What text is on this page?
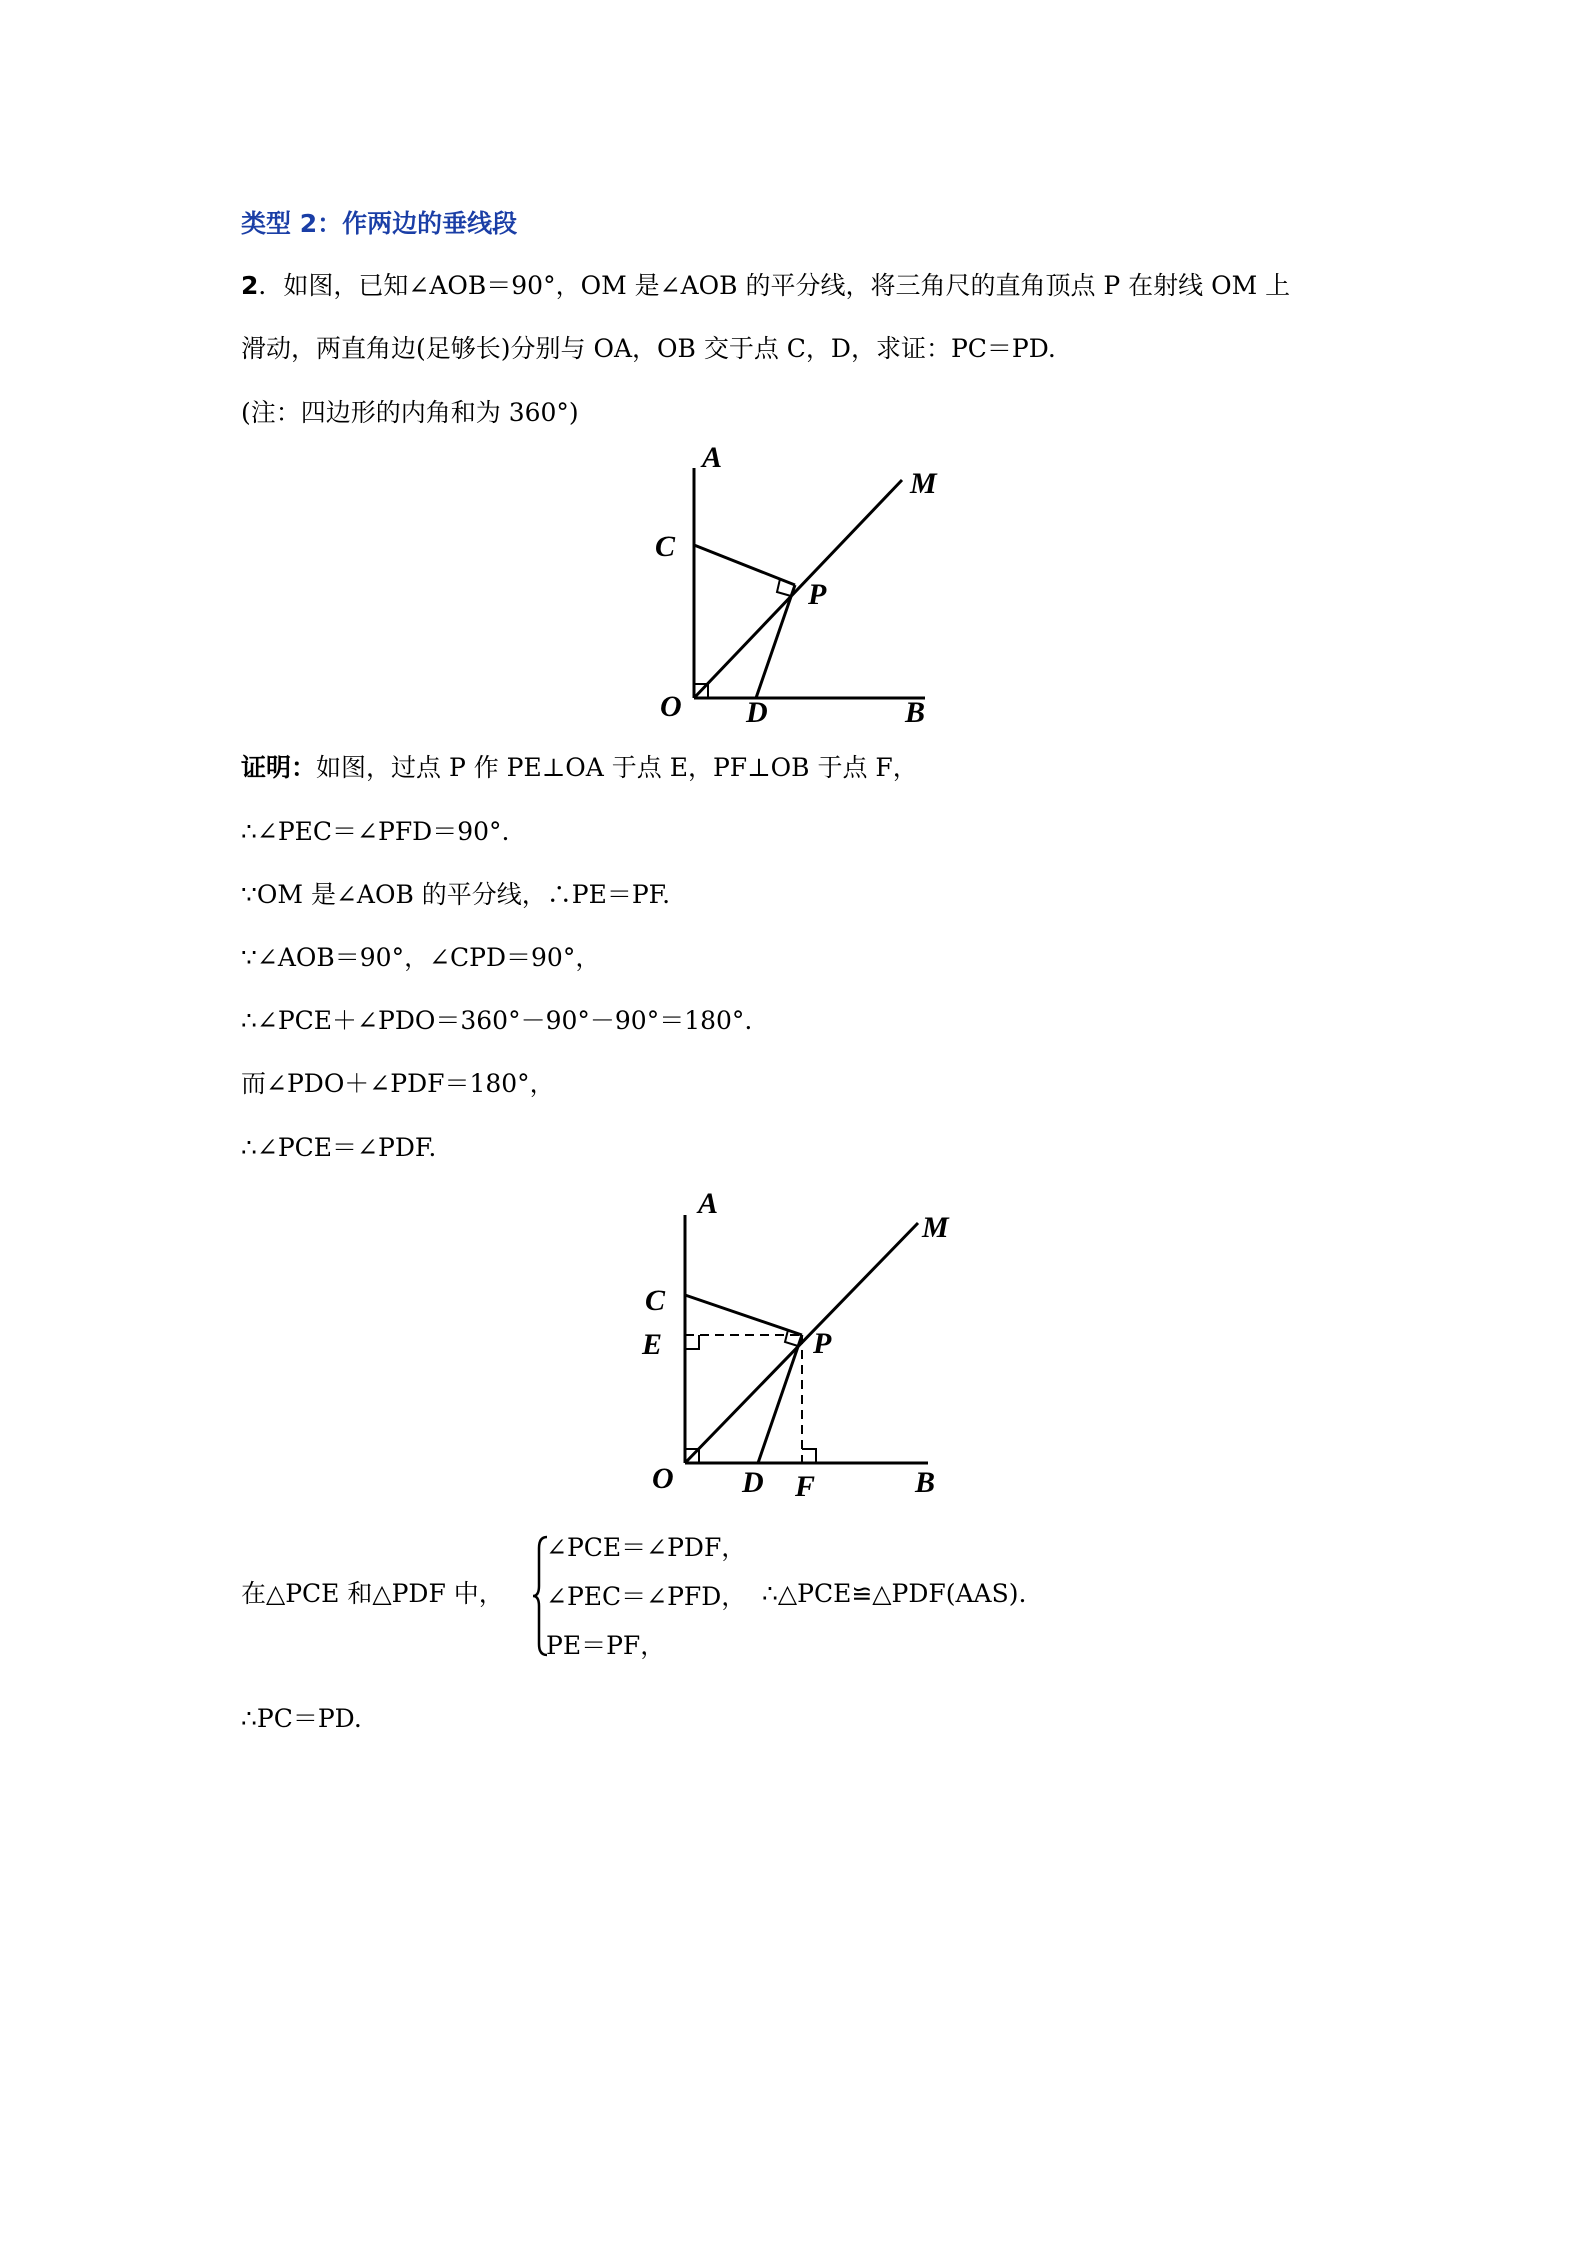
类型 2：作两边的垂线段
2．如图，已知∠AOB＝90°，OM 是∠AOB 的平分线，将三角尺的直角顶点 P 在射线 OM 上
滑动，两直角边(足够长)分别与 OA，OB 交于点 C，D，求证：PC＝PD.
(注：四边形的内角和为 360°)
A
M
C
P
O D	B
证明：如图，过点 P 作 PE⊥OA 于点 E，PF⊥OB 于点 F，
∴∠PEC＝∠PFD＝90°.
∵OM 是∠AOB 的平分线，∴PE＝PF.
∵∠AOB＝90°，∠CPD＝90°，
∴∠PCE＋∠PDO＝360°－90°－90°＝180°.
而∠PDO＋∠PDF＝180°，
∴∠PCE＝∠PDF.
A
M
C
E	P
O D F	B
在△PCE 和△PDF 中，
∠PCE＝∠PDF，
∠PEC＝∠PFD，
PE＝PF，
∴△PCE≌△PDF(AAS).
∴PC＝PD.
